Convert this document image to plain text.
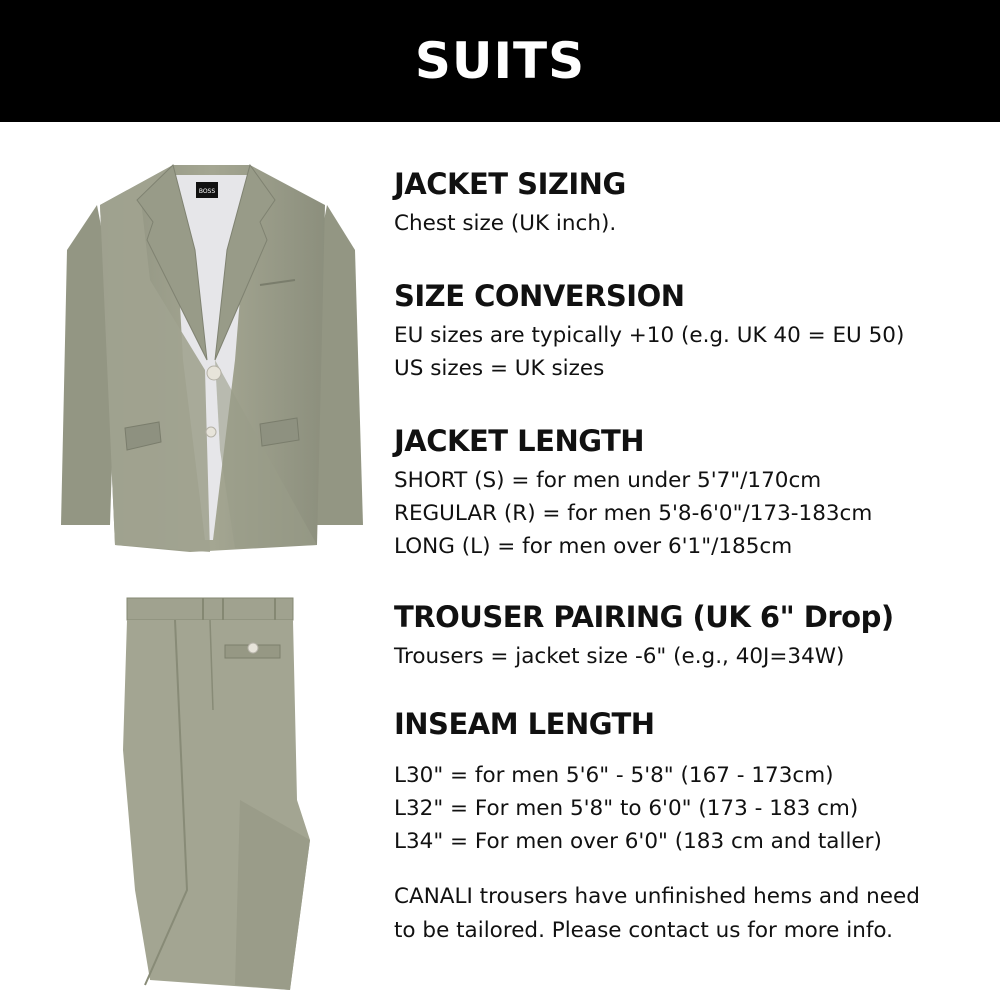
SUITS
BOSS	JACKET SIZING

Chest size (UK inch).

SIZE CONVERSION

EU sizes are typically +10 (e.g. UK 40 = EU 50)

US sizes = UK sizes

JACKET LENGTH

SHORT (S) = for men under 5'7"/170cm

REGULAR (R) = for men 5'8-6'0"/173-183cm

LONG (L) = for men over 6'1"/185cm

TROUSER PAIRING (UK 6" Drop)

Trousers = jacket size -6" (e.g., 40J=34W)

INSEAM LENGTH

L30" = for men 5'6" - 5'8" (167 - 173cm)

L32" = For men 5'8" to 6'0" (173 - 183 cm)

L34" = For men over 6'0" (183 cm and taller)

CANALI trousers have unfinished hems and need

to be tailored. Please contact us for more info.
